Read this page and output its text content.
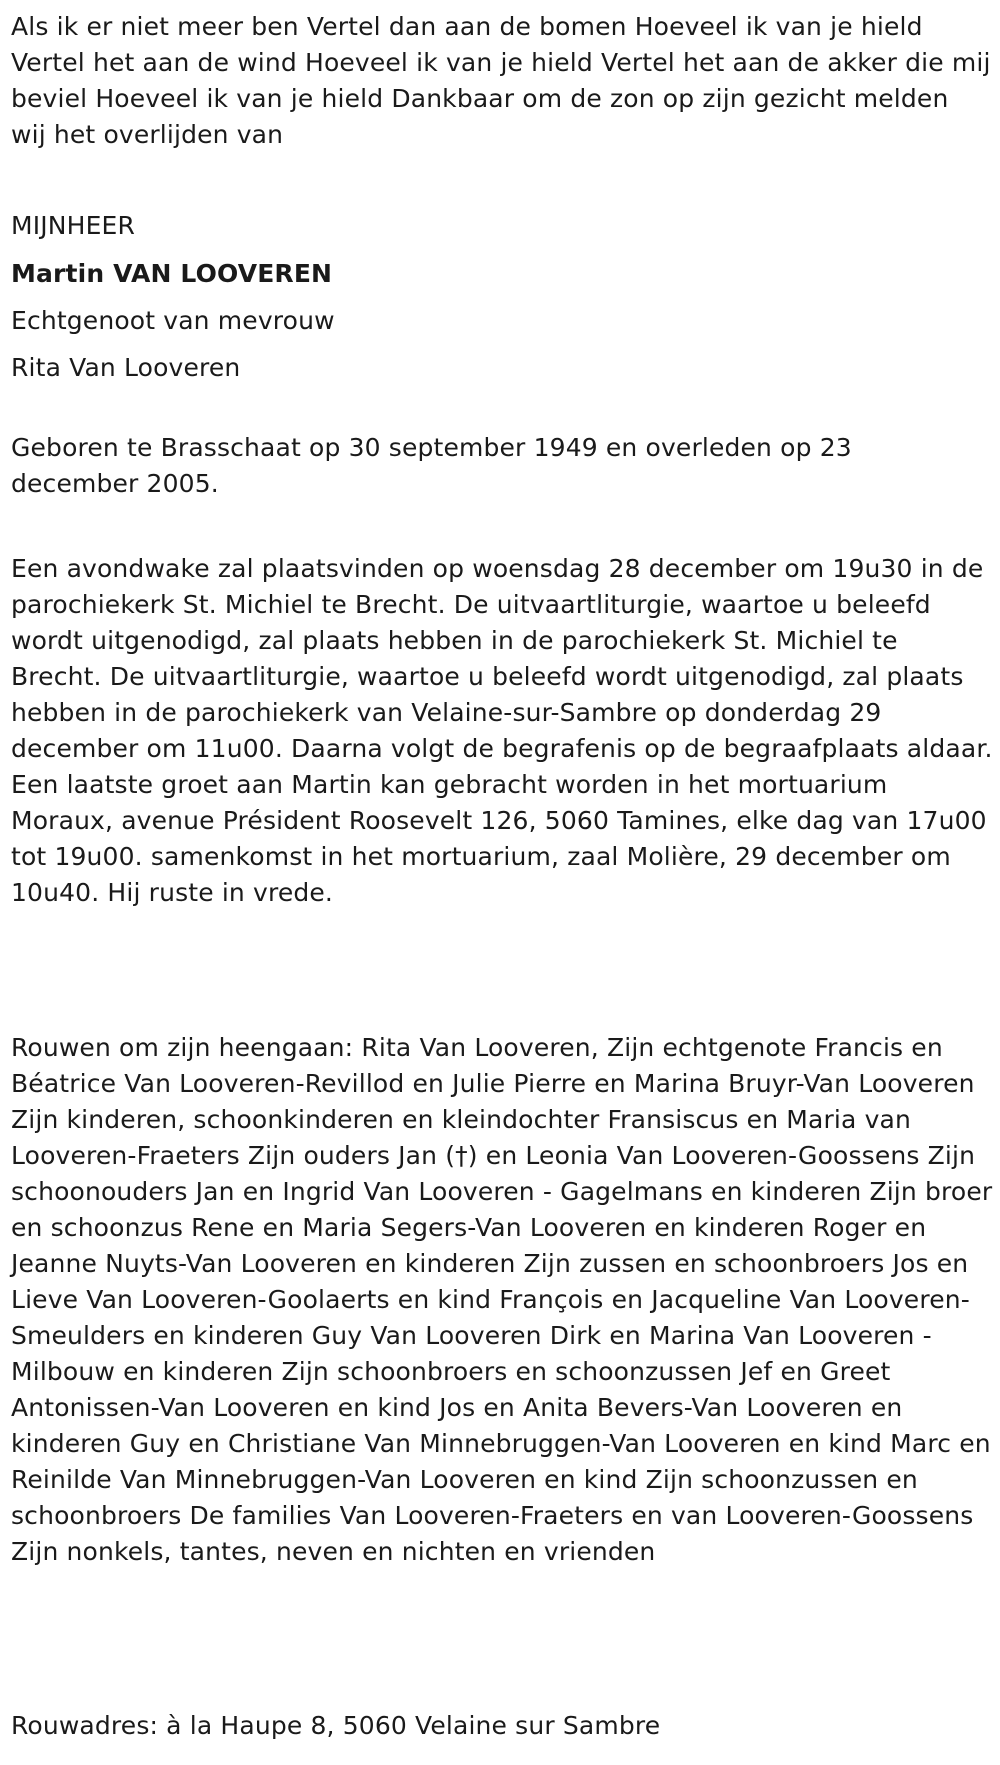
Als ik er niet meer ben Vertel dan aan de bomen Hoeveel ik van je hield Vertel het aan de wind Hoeveel ik van je hield Vertel het aan de akker die mij beviel Hoeveel ik van je hield Dankbaar om de zon op zijn gezicht melden wij het overlijden van

MIJNHEER

Martin VAN LOOVEREN

Echtgenoot van mevrouw

Rita Van Looveren

Geboren te Brasschaat op 30 september 1949 en overleden op 23 december 2005.

Een avondwake zal plaatsvinden op woensdag 28 december om 19u30 in de parochiekerk St. Michiel te Brecht. De uitvaartliturgie, waartoe u beleefd wordt uitgenodigd, zal plaats hebben in de parochiekerk St. Michiel te Brecht. De uitvaartliturgie, waartoe u beleefd wordt uitgenodigd, zal plaats hebben in de parochiekerk van Velaine-sur-Sambre op donderdag 29 december om 11u00. Daarna volgt de begrafenis op de begraafplaats aldaar. Een laatste groet aan Martin kan gebracht worden in het mortuarium Moraux, avenue Président Roosevelt 126, 5060 Tamines, elke dag van 17u00 tot 19u00. samenkomst in het mortuarium, zaal Molière, 29 december om 10u40. Hij ruste in vrede.

Rouwen om zijn heengaan: Rita Van Looveren, Zijn echtgenote Francis en Béatrice Van Looveren-Revillod en Julie Pierre en Marina Bruyr-Van Looveren Zijn kinderen, schoonkinderen en kleindochter Fransiscus en Maria van Looveren-Fraeters Zijn ouders Jan (†) en Leonia Van Looveren-Goossens Zijn schoonouders Jan en Ingrid Van Looveren - Gagelmans en kinderen Zijn broer en schoonzus Rene en Maria Segers-Van Looveren en kinderen Roger en Jeanne Nuyts-Van Looveren en kinderen Zijn zussen en schoonbroers Jos en Lieve Van Looveren-Goolaerts en kind François en Jacqueline Van Looveren-Smeulders en kinderen Guy Van Looveren Dirk en Marina Van Looveren - Milbouw en kinderen Zijn schoonbroers en schoonzussen Jef en Greet Antonissen-Van Looveren en kind Jos en Anita Bevers-Van Looveren en kinderen Guy en Christiane Van Minnebruggen-Van Looveren en kind Marc en Reinilde Van Minnebruggen-Van Looveren en kind Zijn schoonzussen en schoonbroers De families Van Looveren-Fraeters en van Looveren-Goossens Zijn nonkels, tantes, neven en nichten en vrienden

Rouwadres: à la Haupe 8, 5060 Velaine sur Sambre
